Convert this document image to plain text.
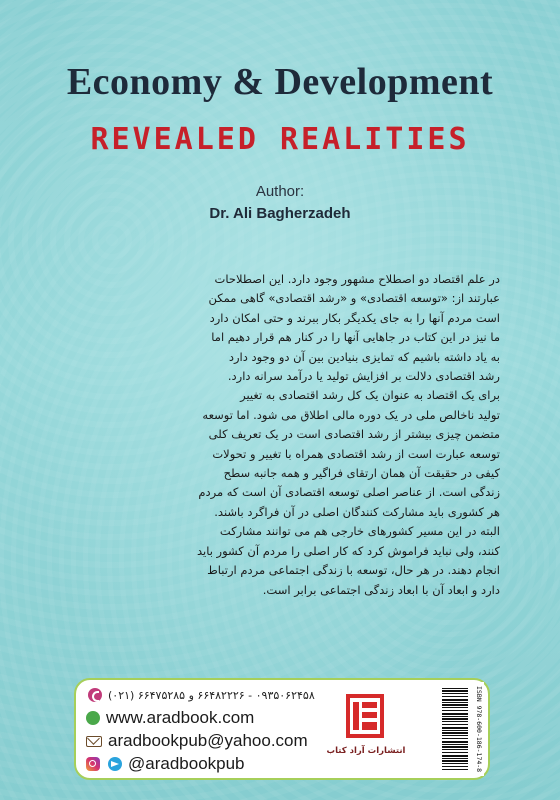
Economy & Development
REVEALED REALITIES
Author:
Dr. Ali Bagherzadeh
در علم اقتصاد دو اصطلاح مشهور وجود دارد. این اصطلاحات
عبارتند از: «توسعه اقتصادی» و «رشد اقتصادی» گاهی ممکن
است مردم آنها را به جای یکدیگر بکار ببرند و حتی امکان دارد
ما نیز در این کتاب در جاهایی آنها را در کنار هم قرار دهیم اما
به یاد داشته باشیم که تمایزی بنیادین بین آن دو وجود دارد
رشد اقتصادی دلالت بر افزایش تولید یا درآمد سرانه دارد.
برای یک اقتصاد به عنوان یک کل رشد اقتصادی به تغییر
تولید ناخالص ملی در یک دوره مالی اطلاق می شود. اما توسعه
متضمن چیزی بیشتر از رشد اقتصادی است در یک تعریف کلی
توسعه عبارت است از رشد اقتصادی همراه با تغییر و تحولات
کیفی در حقیقت آن همان ارتقای فراگیر و همه جانبه سطح
زندگی است. از عناصر اصلی توسعه اقتصادی آن است که مردم
هر کشوری باید مشارکت کنندگان اصلی در آن فراگرد باشند.
البته در این مسیر کشورهای خارجی هم می توانند مشارکت
کنند، ولی نباید فراموش کرد که کار اصلی را مردم آن کشور باید
انجام دهند. در هر حال، توسعه با زندگی اجتماعی مردم ارتباط
دارد و ابعاد آن با ابعاد زندگی اجتماعی برابر است.
۰۹۳۵۰۶۲۴۵۸ - ۶۶۴۸۲۲۲۶ و ۶۶۴۷۵۲۸۵ (۰۲۱)
www.aradbook.com
aradbookpub@yahoo.com
@aradbookpub
انتشارات آراد کتاب	ISBN 978-600-186-174-8
